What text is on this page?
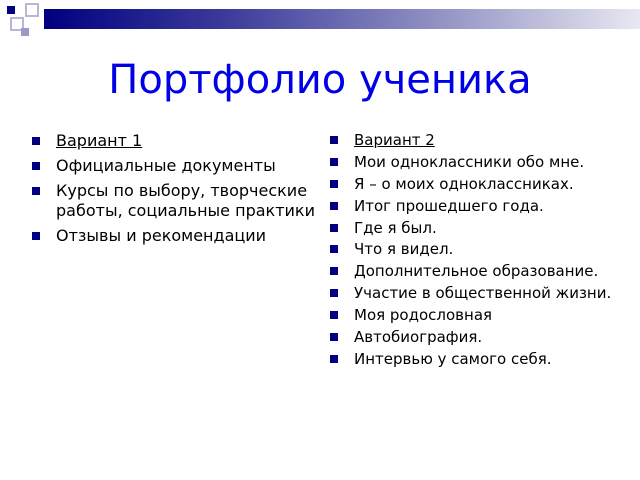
Портфолио ученика
Вариант 1
Официальные документы
Курсы по выбору, творческие работы, социальные практики
Отзывы и рекомендации
Вариант 2
Мои одноклассники обо мне.
Я – о моих одноклассниках.
Итог прошедшего года.
Где я был.
Что я видел.
Дополнительное образование.
Участие в общественной жизни.
Моя родословная
Автобиография.
Интервью у самого себя.
